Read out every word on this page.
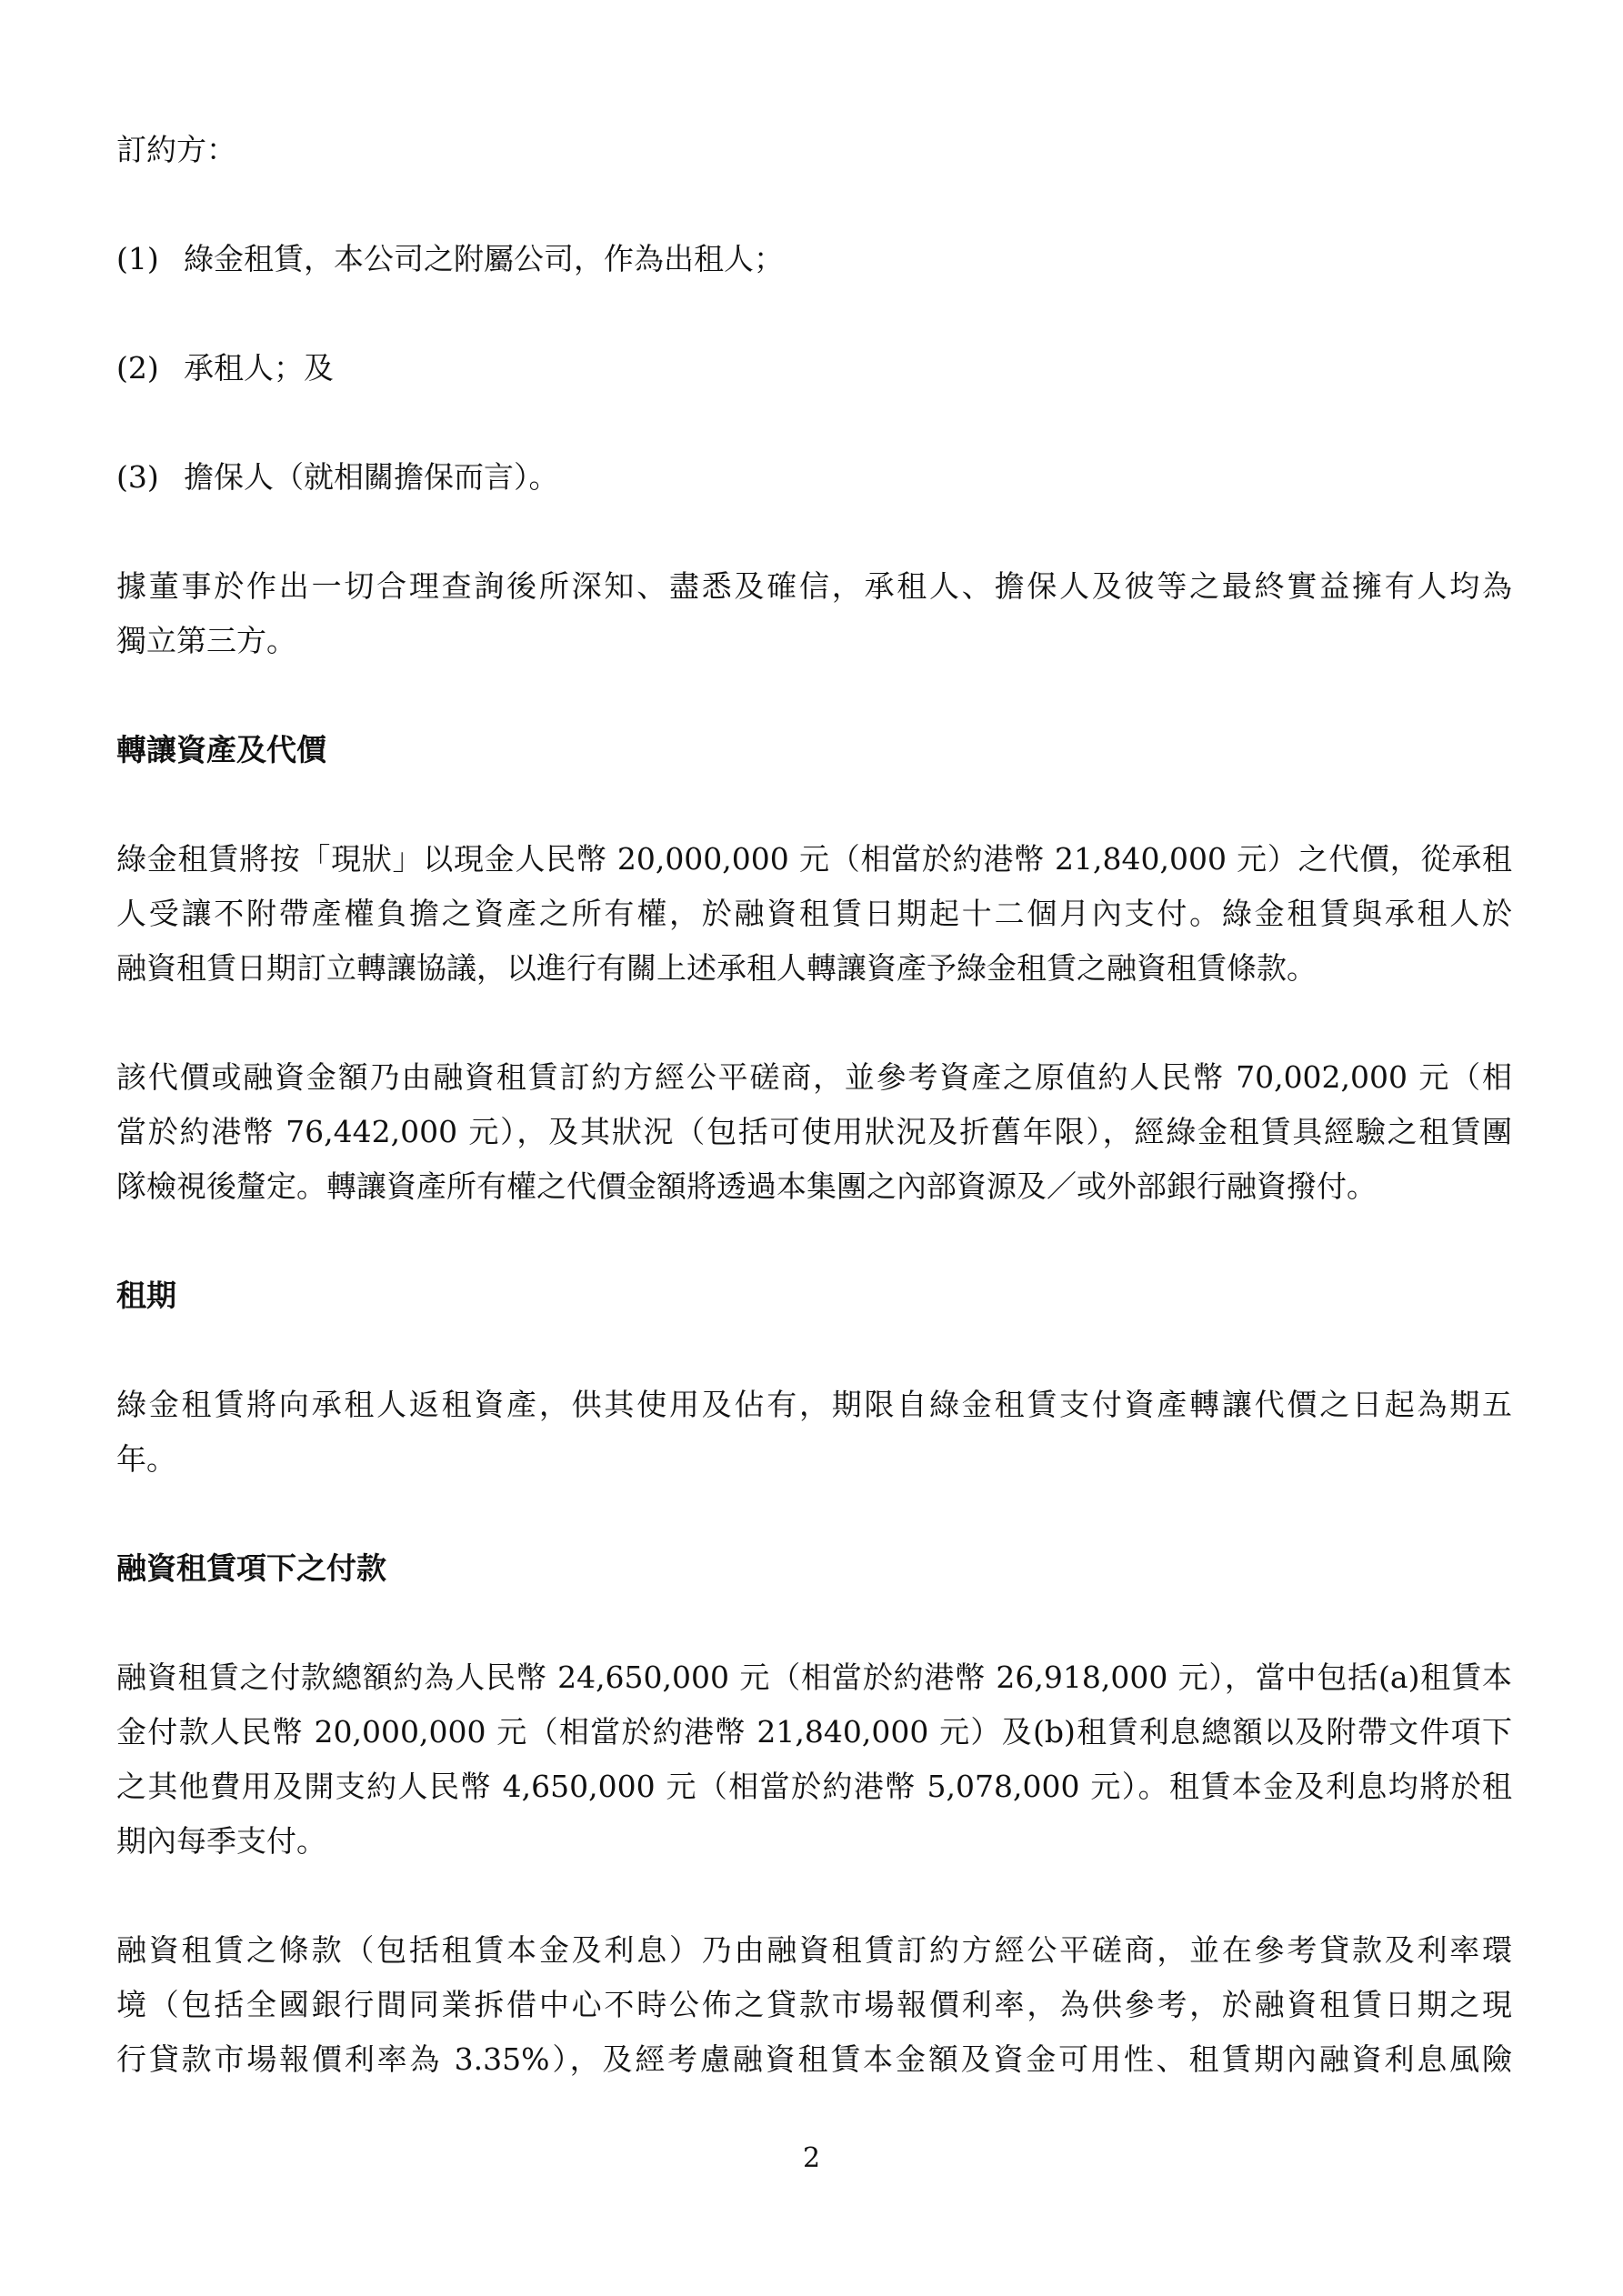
訂約方：
(1) 綠金租賃，本公司之附屬公司，作為出租人；
(2) 承租人；及
(3) 擔保人（就相關擔保而言）。
據董事於作出一切合理查詢後所深知、盡悉及確信，承租人、擔保人及彼等之最終實益擁有人均為
獨立第三方。
轉讓資產及代價
綠金租賃將按「現狀」以現金人民幣 20,000,000 元（相當於約港幣 21,840,000 元）之代價，從承租
人受讓不附帶產權負擔之資產之所有權，於融資租賃日期起十二個月內支付。綠金租賃與承租人於
融資租賃日期訂立轉讓協議，以進行有關上述承租人轉讓資產予綠金租賃之融資租賃條款。
該代價或融資金額乃由融資租賃訂約方經公平磋商，並參考資產之原值約人民幣 70,002,000 元（相
當於約港幣 76,442,000 元），及其狀況（包括可使用狀況及折舊年限），經綠金租賃具經驗之租賃團
隊檢視後釐定。轉讓資產所有權之代價金額將透過本集團之內部資源及／或外部銀行融資撥付。
租期
綠金租賃將向承租人返租資產，供其使用及佔有，期限自綠金租賃支付資產轉讓代價之日起為期五
年。
融資租賃項下之付款
融資租賃之付款總額約為人民幣 24,650,000 元（相當於約港幣 26,918,000 元），當中包括(a)租賃本
金付款人民幣 20,000,000 元（相當於約港幣 21,840,000 元）及(b)租賃利息總額以及附帶文件項下
之其他費用及開支約人民幣 4,650,000 元（相當於約港幣 5,078,000 元）。租賃本金及利息均將於租
期內每季支付。
融資租賃之條款（包括租賃本金及利息）乃由融資租賃訂約方經公平磋商，並在參考貸款及利率環
境（包括全國銀行間同業拆借中心不時公佈之貸款市場報價利率，為供參考，於融資租賃日期之現
行貸款市場報價利率為 3.35%），及經考慮融資租賃本金額及資金可用性、租賃期內融資利息風險
2
